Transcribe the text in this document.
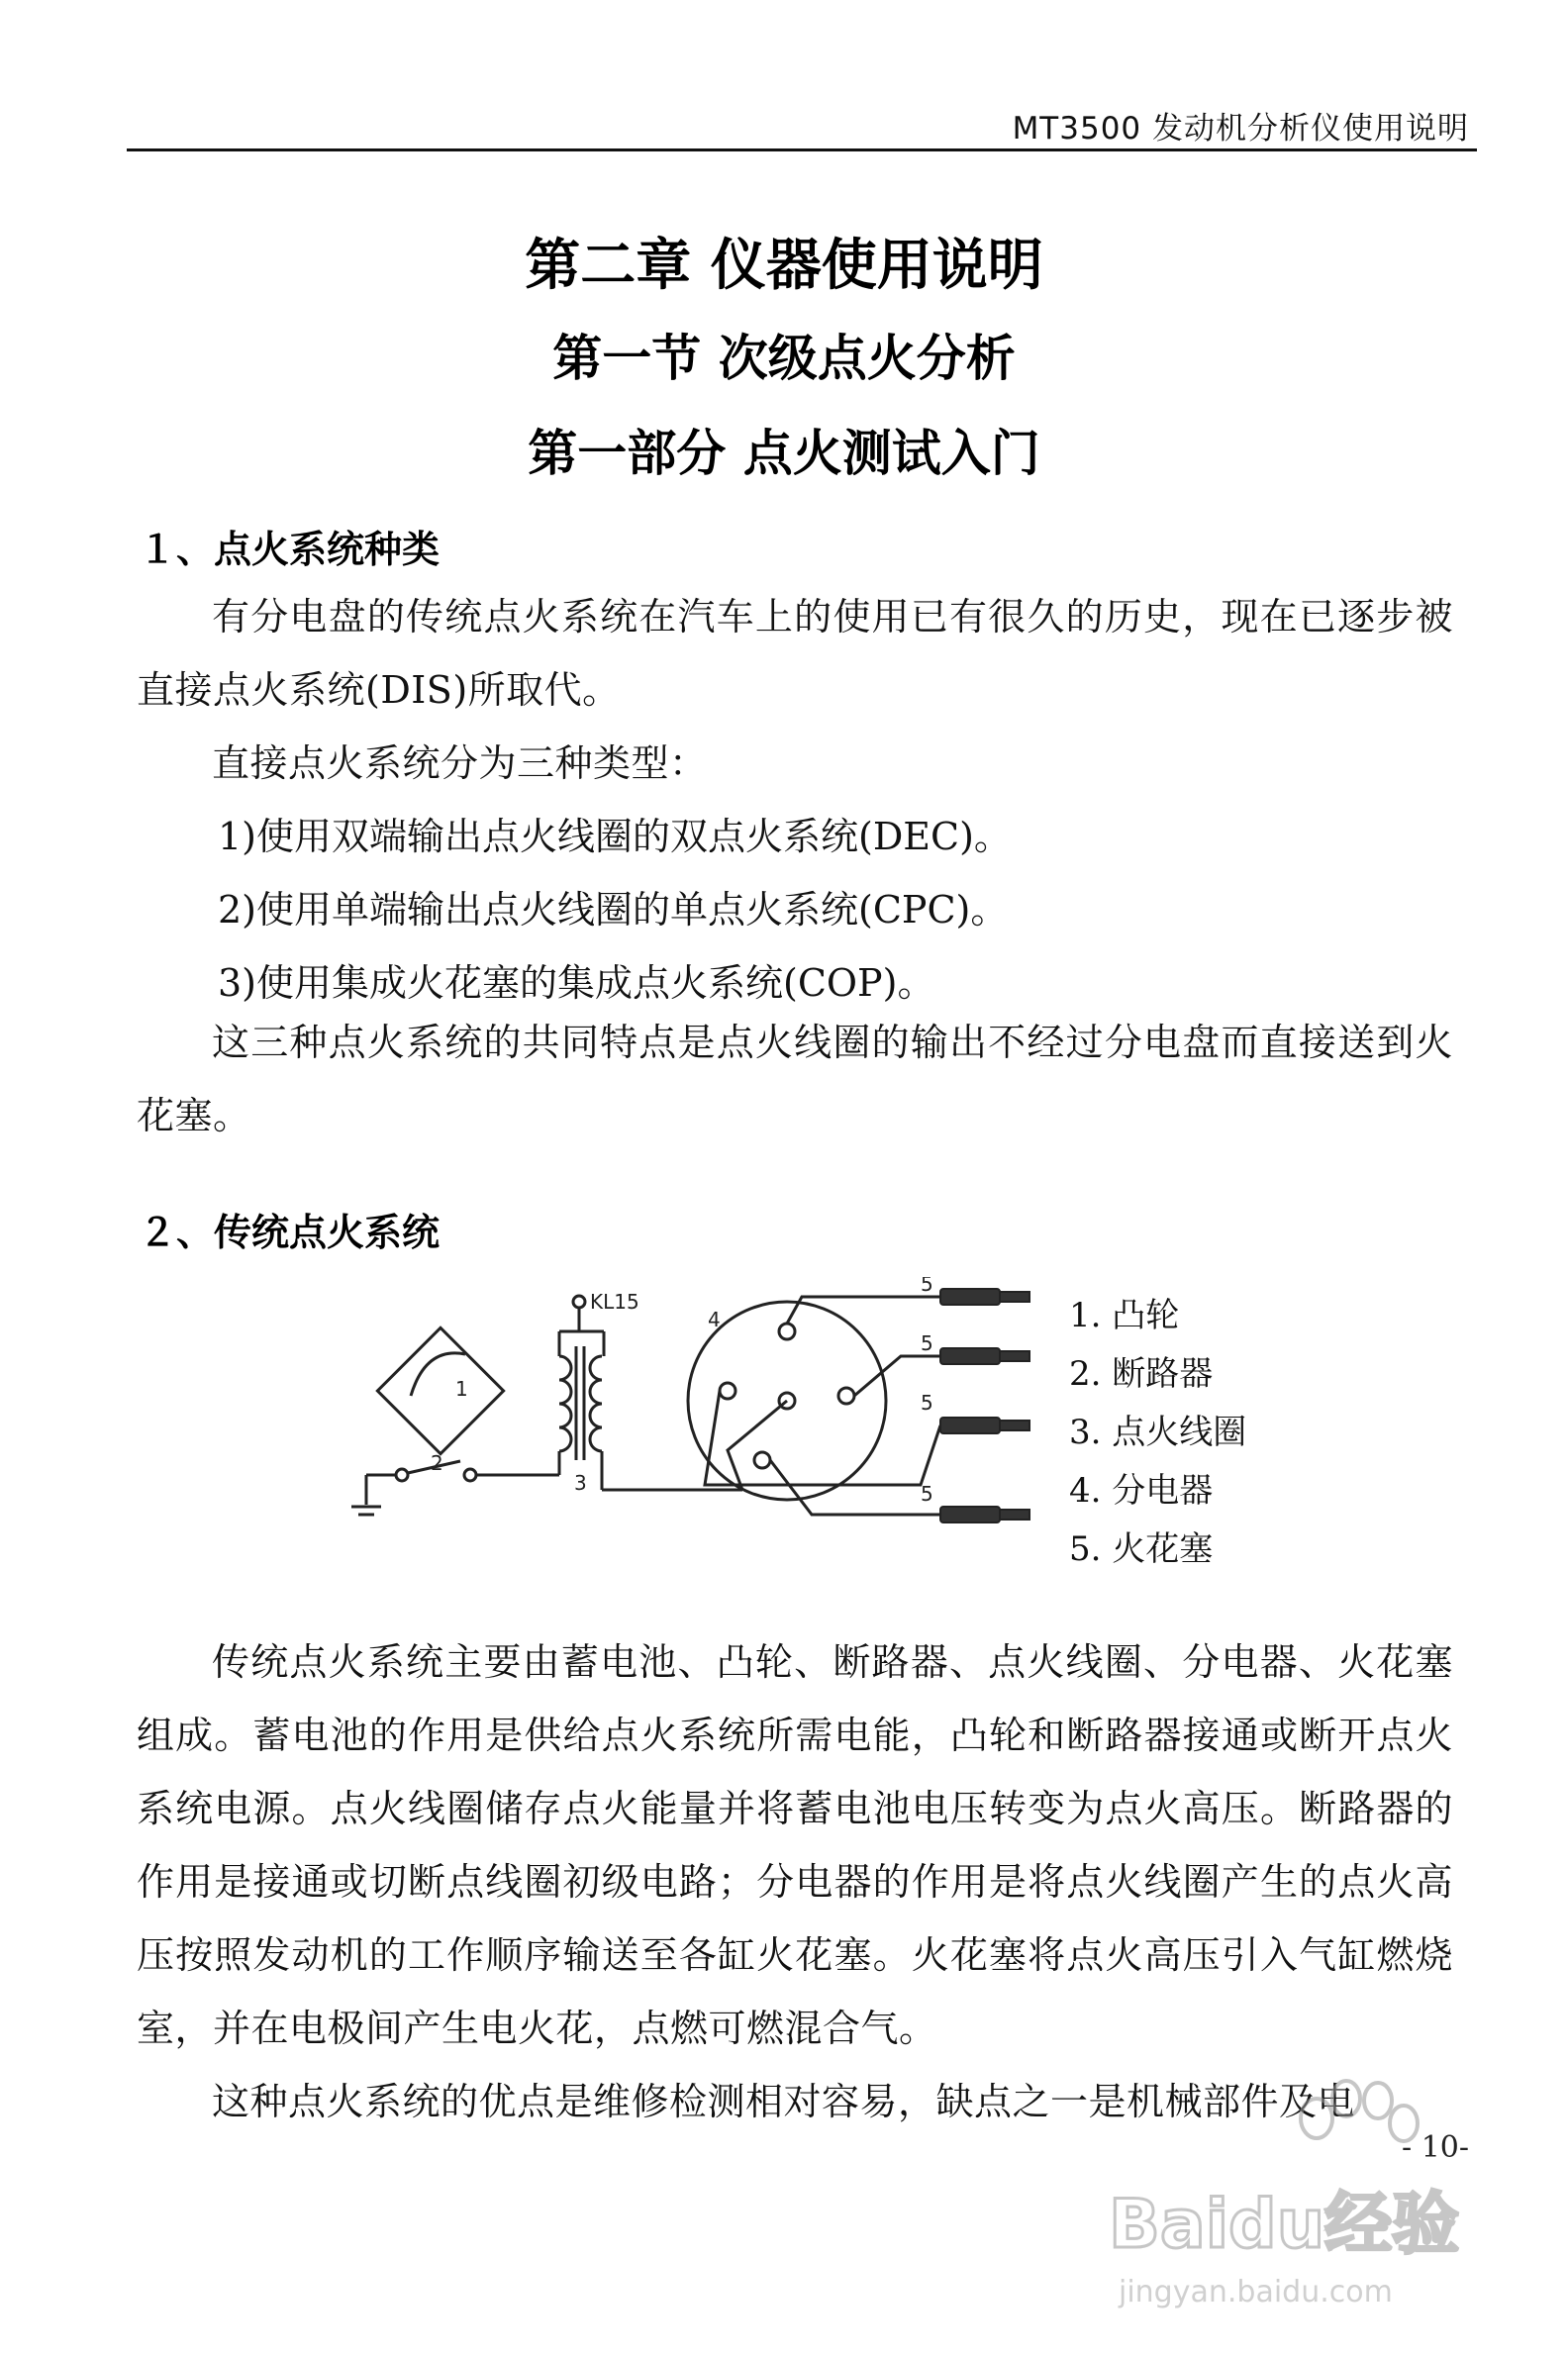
MT3500 发动机分析仪使用说明
第二章 仪器使用说明
第一节 次级点火分析
第一部分 点火测试入门
１、点火系统种类

有分电盘的传统点火系统在汽车上的使用已有很久的历史，现在已逐步被直接点火系统(DIS)所取代。

直接点火系统分为三种类型：

1)使用双端输出点火线圈的双点火系统(DEC)。
2)使用单端输出点火线圈的单点火系统(CPC)。
3)使用集成火花塞的集成点火系统(COP)。

这三种点火系统的共同特点是点火线圈的输出不经过分电盘而直接送到火花塞。

２、传统点火系统
KL15
1
2
3
4
5
5
5
5
1. 凸轮
2. 断路器
3. 点火线圈
4. 分电器
5. 火花塞

传统点火系统主要由蓄电池、凸轮、断路器、点火线圈、分电器、火花塞组成。蓄电池的作用是供给点火系统所需电能，凸轮和断路器接通或断开点火系统电源。点火线圈储存点火能量并将蓄电池电压转变为点火高压。断路器的作用是接通或切断点线圈初级电路；分电器的作用是将点火线圈产生的点火高压按照发动机的工作顺序输送至各缸火花塞。火花塞将点火高压引入气缸燃烧室，并在电极间产生电火花，点燃可燃混合气。

这种点火系统的优点是维修检测相对容易，缺点之一是机械部件及电

Baidu经验
jingyan.baidu.com
- 10-
